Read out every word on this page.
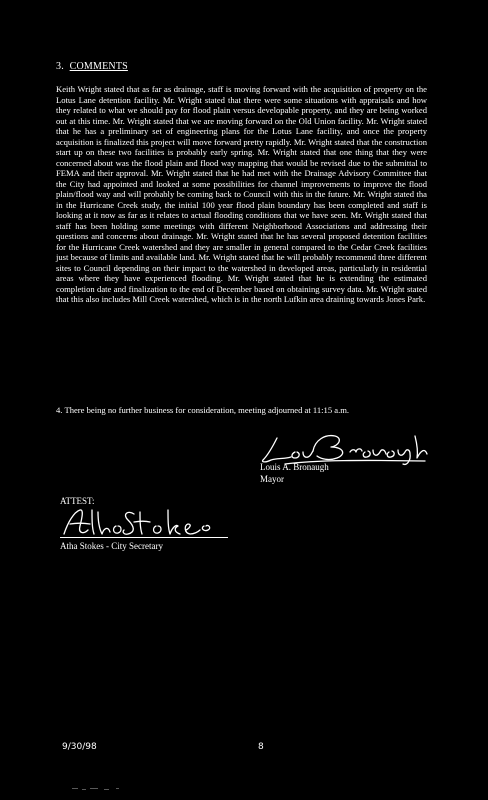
3. COMMENTS

Keith Wright stated that as far as drainage, staff is moving forward with the acquisition of property on the Lotus Lane detention facility. Mr. Wright stated that there were some situations with appraisals and how they related to what we should pay for flood plain versus developable property, and they are being worked out at this time. Mr. Wright stated that we are moving forward on the Old Union facility. Mr. Wright stated that he has a preliminary set of engineering plans for the Lotus Lane facility, and once the property acquisition is finalized this project will move forward pretty rapidly. Mr. Wright stated that the construction start up on these two facilities is probably early spring. Mr. Wright stated that one thing that they were concerned about was the flood plain and flood way mapping that would be revised due to the submittal to FEMA and their approval. Mr. Wright stated that he had met with the Drainage Advisory Committee that the City had appointed and looked at some possibilities for channel improvements to improve the flood plain/flood way and will probably be coming back to Council with this in the future. Mr. Wright stated tha in the Hurricane Creek study, the initial 100 year flood plain boundary has been completed and staff is looking at it now as far as it relates to actual flooding conditions that we have seen. Mr. Wright stated that staff has been holding some meetings with different Neighborhood Associations and addressing their questions and concerns about drainage. Mr. Wright stated that he has several proposed detention facilities for the Hurricane Creek watershed and they are smaller in general compared to the Cedar Creek facilities just because of limits and available land. Mr. Wright stated that he will probably recommend three different sites to Council depending on their impact to the watershed in developed areas, particularly in residential areas where they have experienced flooding. Mr. Wright stated that he is extending the estimated completion date and finalization to the end of December based on obtaining survey data. Mr. Wright stated that this also includes Mill Creek watershed, which is in the north Lufkin area draining towards Jones Park.

4. There being no further business for consideration, meeting adjourned at 11:15 a.m.

Louis A. Bronaugh
Mayor
ATTEST:
Atha Stokes - City Secretary
9/30/98	8
